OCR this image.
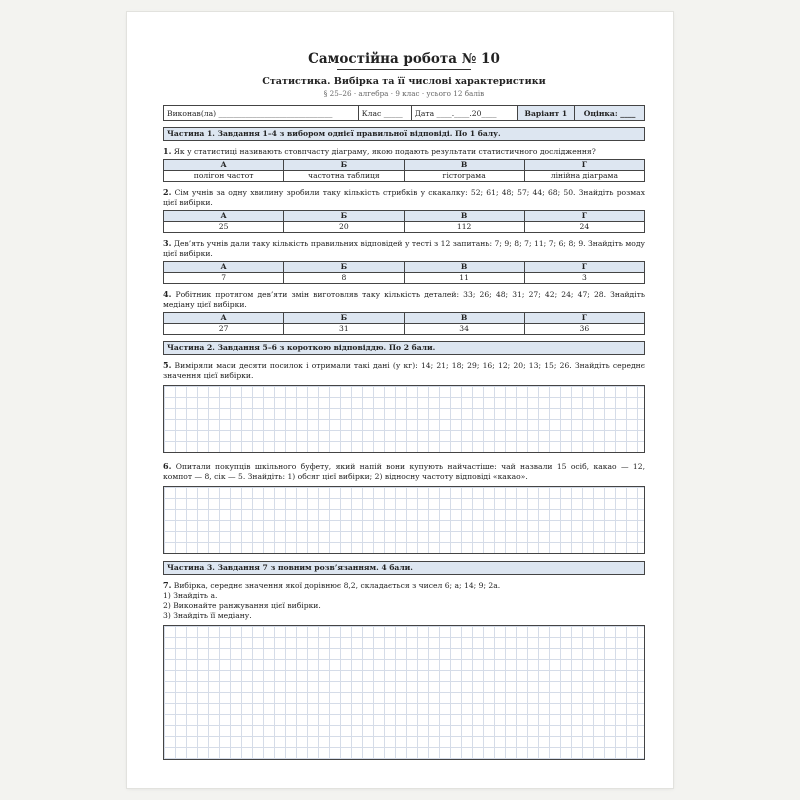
Самостійна робота № 10
Статистика. Вибірка та її числові характеристики
§ 25–26 · алгебра · 9 клас · усього 12 балів
Виконав(ла) ______________________________	Клас _____	Дата ____.____.20____	Варіант 1	Оцінка: ____
Частина 1. Завдання 1–4 з вибором однієї правильної відповіді. По 1 балу.
1. Як у статистиці називають стовпчасту діаграму, якою подають результати статистичного дослідження?
А	Б	В	Г
полігон частот	частотна таблиця	гістограма	лінійна діаграма
2. Сім учнів за одну хвилину зробили таку кількість стрибків у скакалку: 52; 61; 48; 57; 44; 68; 50. Знайдіть розмах цієї вибірки.
А	Б	В	Г
25	20	112	24
3. Дев’ять учнів дали таку кількість правильних відповідей у тесті з 12 запитань: 7; 9; 8; 7; 11; 7; 6; 8; 9. Знайдіть моду цієї вибірки.
А	Б	В	Г
7	8	11	3
4. Робітник протягом дев’яти змін виготовляв таку кількість деталей: 33; 26; 48; 31; 27; 42; 24; 47; 28. Знайдіть медіану цієї вибірки.
А	Б	В	Г
27	31	34	36
Частина 2. Завдання 5–6 з короткою відповіддю. По 2 бали.
5. Виміряли маси десяти посилок і отримали такі дані (у кг): 14; 21; 18; 29; 16; 12; 20; 13; 15; 26. Знайдіть середнє значення цієї вибірки.
6. Опитали покупців шкільного буфету, який напій вони купують найчастіше: чай назвали 15 осіб, какао — 12, компот — 8, сік — 5. Знайдіть: 1) обсяг цієї вибірки; 2) відносну частоту відповіді «какао».
Частина 3. Завдання 7 з повним розв’язанням. 4 бали.
7. Вибірка, середнє значення якої дорівнює 8,2, складається з чисел 6; а; 14; 9; 2а.
1) Знайдіть а.
2) Виконайте ранжування цієї вибірки.
3) Знайдіть її медіану.
